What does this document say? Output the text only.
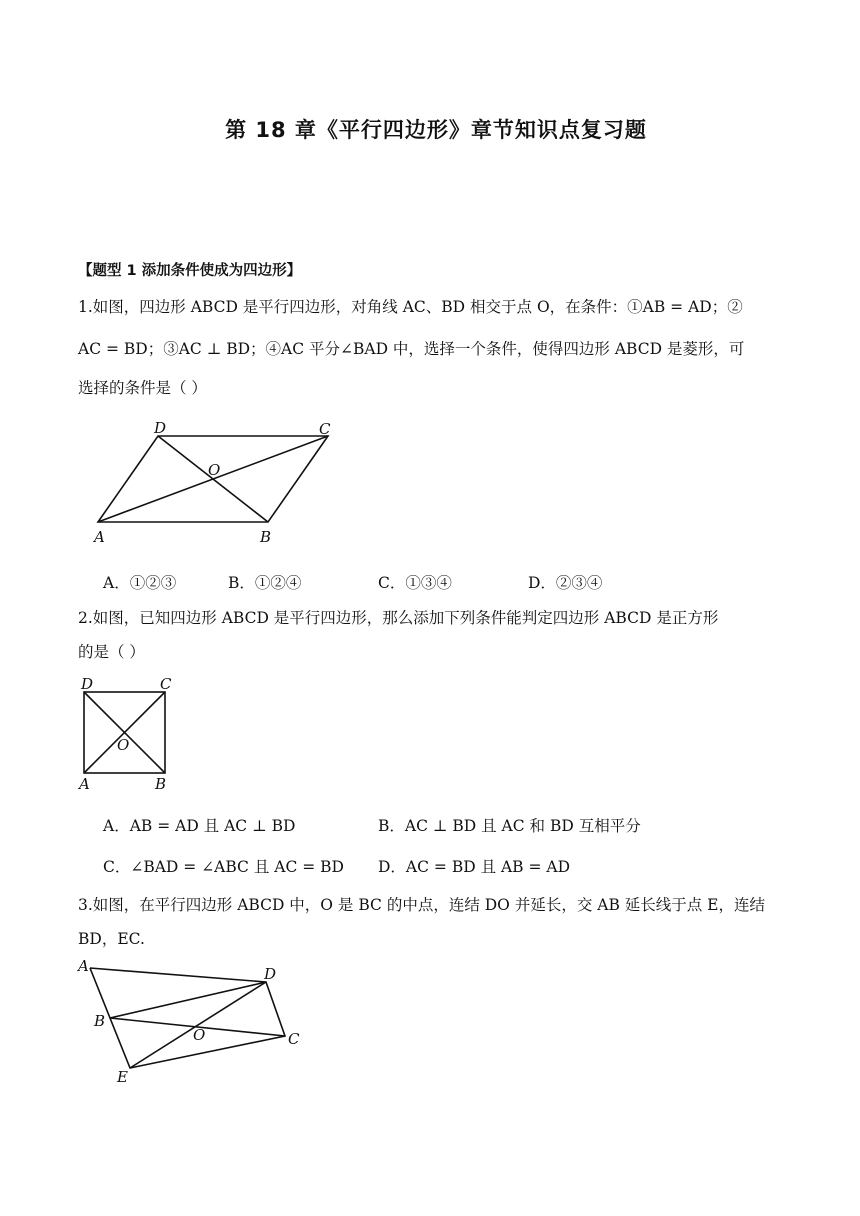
第 18 章《平行四边形》章节知识点复习题
【题型 1 添加条件使成为四边形】
1.如图，四边形 ABCD 是平行四边形，对角线 AC、BD 相交于点 O，在条件：①AB = AD；②
AC = BD；③AC ⊥ BD；④AC 平分∠BAD 中，选择一个条件，使得四边形 ABCD 是菱形，可
选择的条件是（ ）
A	B
C
D
O
A．①②③	B．①②④	C．①③④	D．②③④
2.如图，已知四边形 ABCD 是平行四边形，那么添加下列条件能判定四边形 ABCD 是正方形
的是（ ）
A	B
C
D
O
A．AB = AD 且 AC ⊥ BD	B．AC ⊥ BD 且 AC 和 BD 互相平分
C．∠BAD = ∠ABC 且 AC = BD D．AC = BD 且 AB = AD
3.如图，在平行四边形 ABCD 中，O 是 BC 的中点，连结 DO 并延长，交 AB 延长线于点 E，连结
BD，EC.
A
B
C
D
E
O
